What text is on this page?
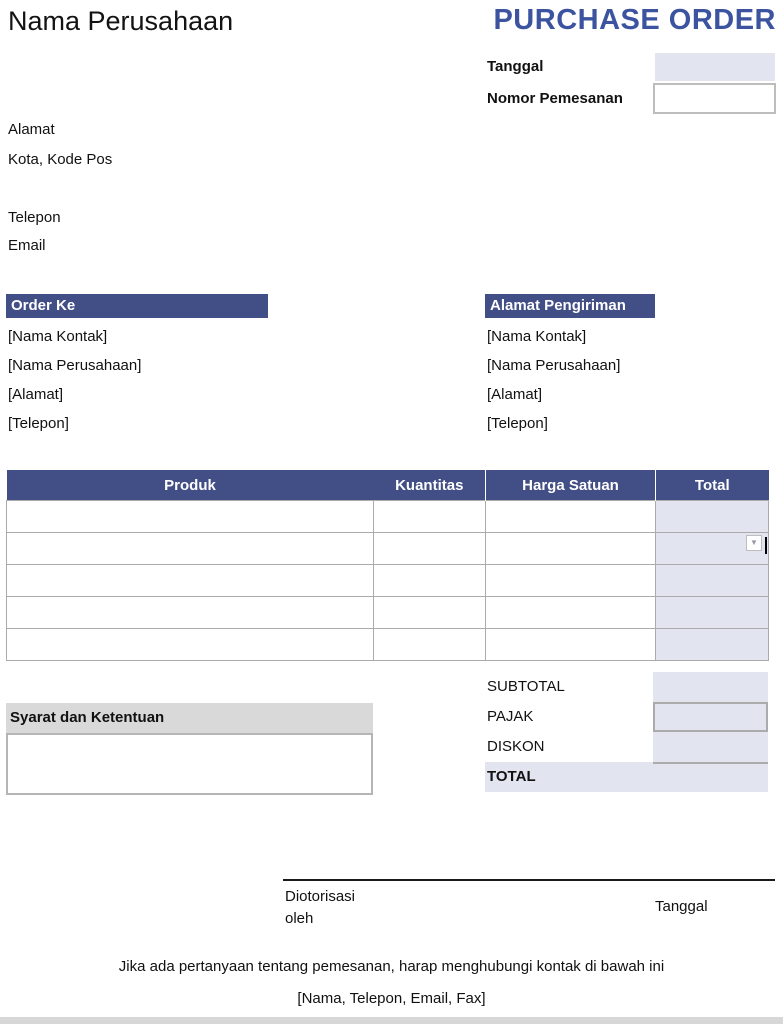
Nama Perusahaan	PURCHASE ORDER
Tanggal
Nomor Pemesanan
Alamat
Kota, Kode Pos
Telepon
Email
Order Ke
[Nama Kontak]
[Nama Perusahaan]
[Alamat]
[Telepon]
Alamat Pengiriman
[Nama Kontak]
[Nama Perusahaan]
[Alamat]
[Telepon]
Produk	Kuantitas	Harga Satuan	Total

			▼

SUBTOTAL
PAJAK
DISKON
TOTAL
Syarat dan Ketentuan
Diotorisasi oleh
Tanggal
Jika ada pertanyaan tentang pemesanan, harap menghubungi kontak di bawah ini
[Nama, Telepon, Email, Fax]
